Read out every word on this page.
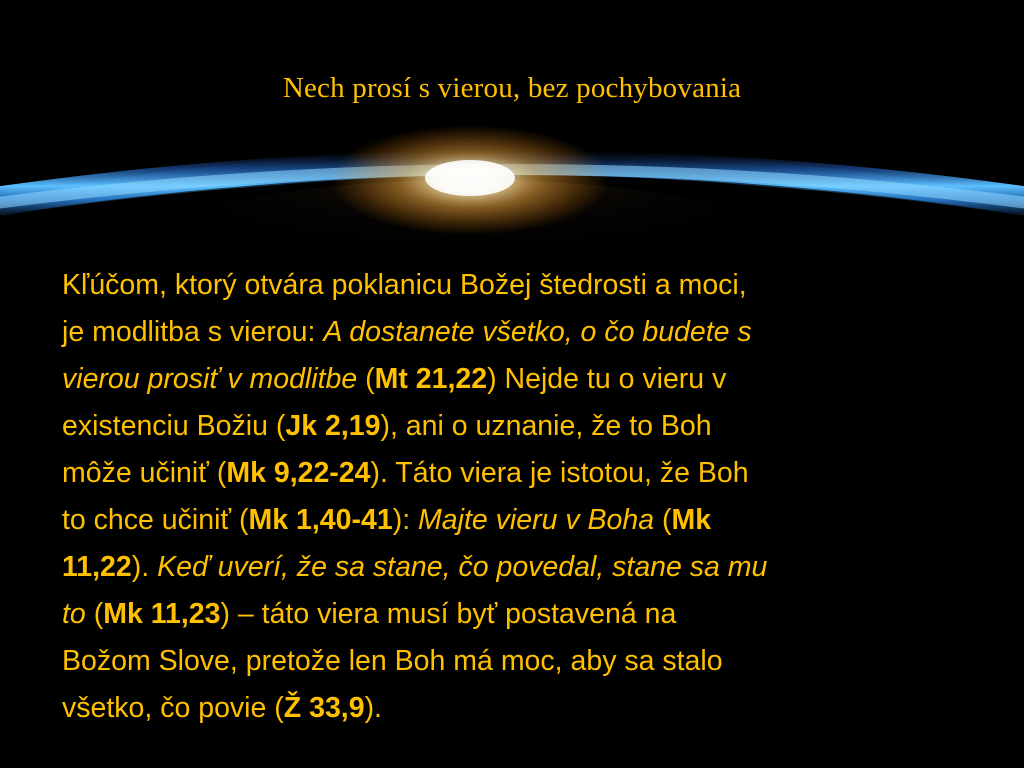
Nech prosí s vierou, bez pochybovania
Kľúčom, ktorý otvára poklanicu Božej štedrosti a moci,
je modlitba s vierou: A dostanete všetko, o čo budete s
vierou prosiť v modlitbe (Mt 21,22) Nejde tu o vieru v
existenciu Božiu (Jk 2,19), ani o uznanie, že to Boh
môže učiniť (Mk 9,22-24). Táto viera je istotou, že Boh
to chce učiniť (Mk 1,40-41): Majte vieru v Boha (Mk
11,22). Keď uverí, že sa stane, čo povedal, stane sa mu
to (Mk 11,23) – táto viera musí byť postavená na
Božom Slove, pretože len Boh má moc, aby sa stalo
všetko, čo povie (Ž 33,9).
